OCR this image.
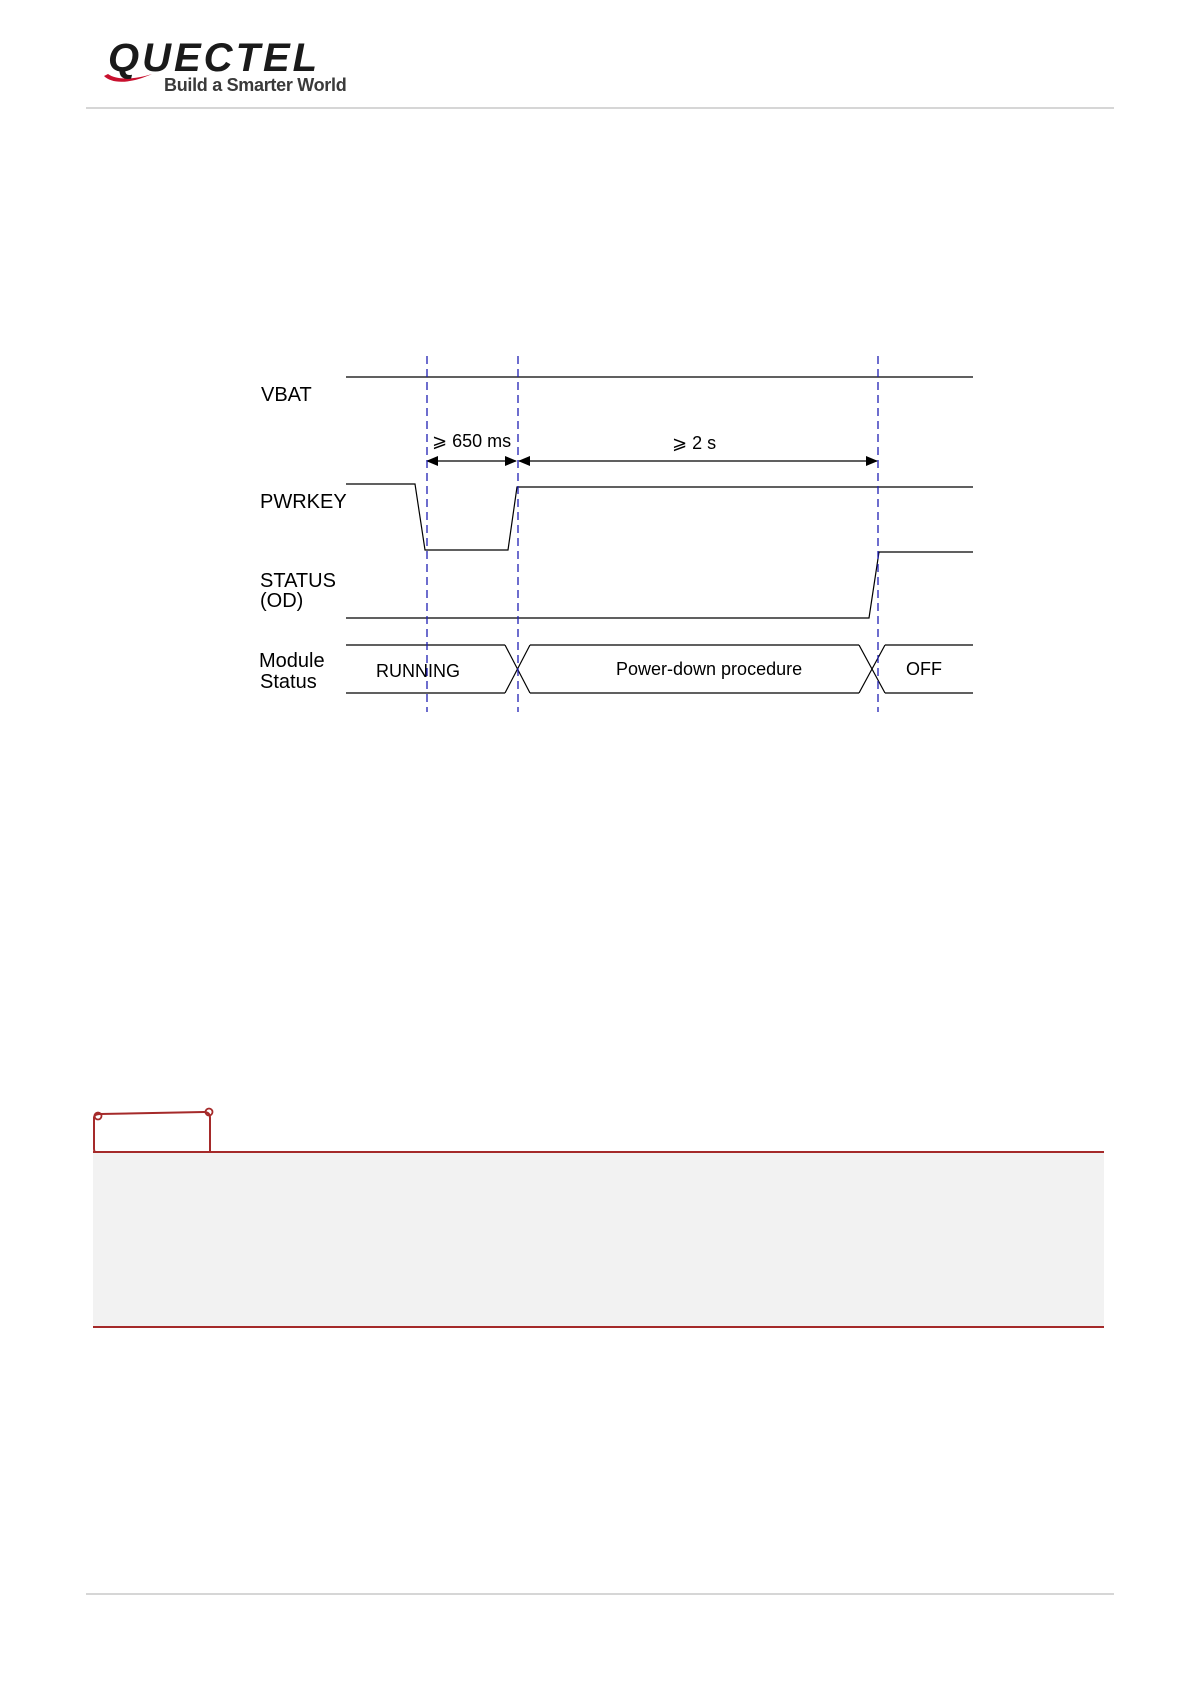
QUECTEL
Build a Smarter World
VBAT
PWRKEY
STATUS
(OD)
Module
Status	RUNNING	Power-down procedure	OFF
⩾ 650 ms	⩾ 2 s
